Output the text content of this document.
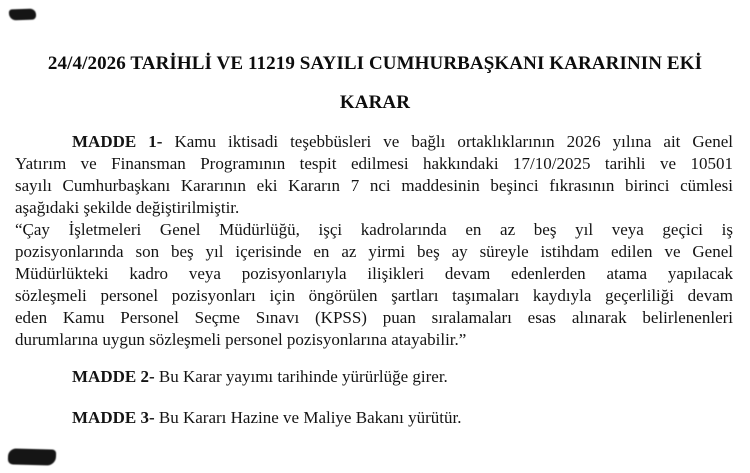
24/4/2026 TARİHLİ VE 11219 SAYILI CUMHURBAŞKANI KARARININ EKİ
KARAR
MADDE 1- Kamu iktisadi teşebbüsleri ve bağlı ortaklıklarının 2026 yılına ait Genel
Yatırım ve Finansman Programının tespit edilmesi hakkındaki 17/10/2025 tarihli ve 10501
sayılı Cumhurbaşkanı Kararının eki Kararın 7 nci maddesinin beşinci fıkrasının birinci cümlesi
aşağıdaki şekilde değiştirilmiştir.
“Çay İşletmeleri Genel Müdürlüğü, işçi kadrolarında en az beş yıl veya geçici iş
pozisyonlarında son beş yıl içerisinde en az yirmi beş ay süreyle istihdam edilen ve Genel
Müdürlükteki kadro veya pozisyonlarıyla ilişikleri devam edenlerden atama yapılacak
sözleşmeli personel pozisyonları için öngörülen şartları taşımaları kaydıyla geçerliliği devam
eden Kamu Personel Seçme Sınavı (KPSS) puan sıralamaları esas alınarak belirlenenleri
durumlarına uygun sözleşmeli personel pozisyonlarına atayabilir.”
MADDE 2- Bu Karar yayımı tarihinde yürürlüğe girer.
MADDE 3- Bu Kararı Hazine ve Maliye Bakanı yürütür.
